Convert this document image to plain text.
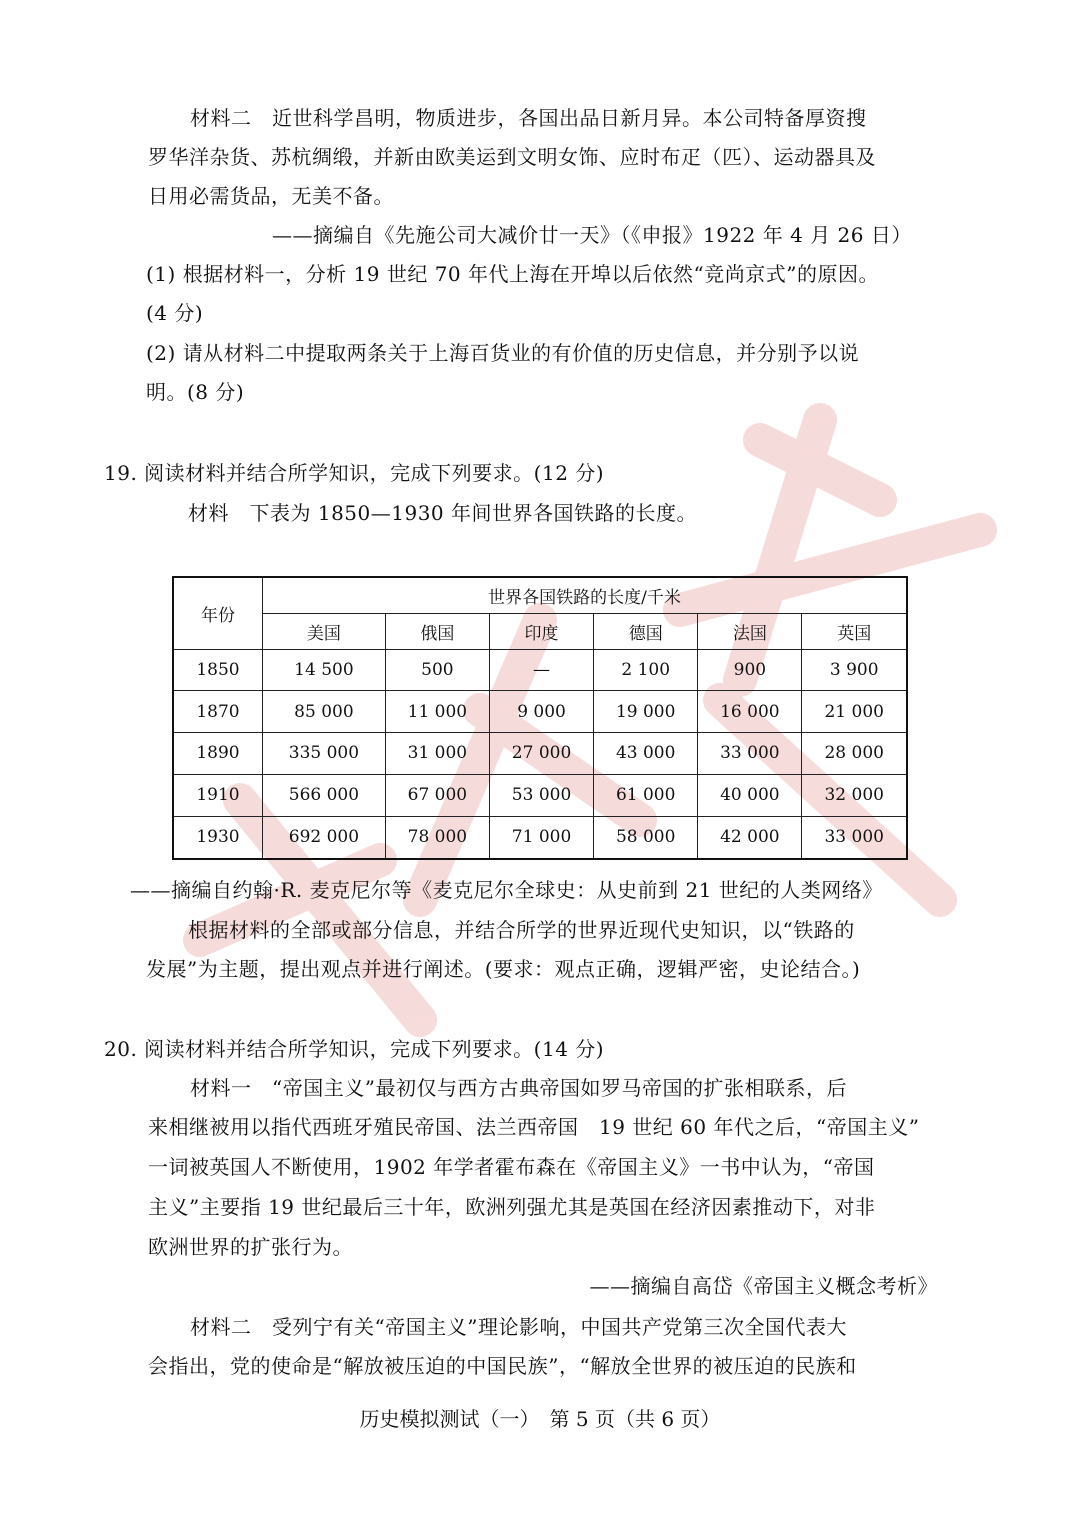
材料二　近世科学昌明，物质进步，各国出品日新月异。本公司特备厚资搜
罗华洋杂货、苏杭绸缎，并新由欧美运到文明女饰、应时布疋（匹）、运动器具及
日用必需货品，无美不备。
——摘编自《先施公司大减价廿一天》（《申报》1922 年 4 月 26 日）
(1) 根据材料一，分析 19 世纪 70 年代上海在开埠以后依然“竞尚京式”的原因。
(4 分)
(2) 请从材料二中提取两条关于上海百货业的有价值的历史信息，并分别予以说
明。(8 分)
19. 阅读材料并结合所学知识，完成下列要求。(12 分)
材料　下表为 1850—1930 年间世界各国铁路的长度。
年份	世界各国铁路的长度/千米					
	美国	俄国	印度	德国	法国	英国
1850	14 500	500	—	2 100	900	3 900
1870	85 000	11 000	9 000	19 000	16 000	21 000
1890	335 000	31 000	27 000	43 000	33 000	28 000
1910	566 000	67 000	53 000	61 000	40 000	32 000
1930	692 000	78 000	71 000	58 000	42 000	33 000
——摘编自约翰·R. 麦克尼尔等《麦克尼尔全球史：从史前到 21 世纪的人类网络》
根据材料的全部或部分信息，并结合所学的世界近现代史知识，以“铁路的
发展”为主题，提出观点并进行阐述。(要求：观点正确，逻辑严密，史论结合。)
20. 阅读材料并结合所学知识，完成下列要求。(14 分)
材料一　“帝国主义”最初仅与西方古典帝国如罗马帝国的扩张相联系，后
来相继被用以指代西班牙殖民帝国、法兰西帝国　19 世纪 60 年代之后，“帝国主义”
一词被英国人不断使用，1902 年学者霍布森在《帝国主义》一书中认为，“帝国
主义”主要指 19 世纪最后三十年，欧洲列强尤其是英国在经济因素推动下，对非
欧洲世界的扩张行为。
——摘编自高岱《帝国主义概念考析》
材料二　受列宁有关“帝国主义”理论影响，中国共产党第三次全国代表大
会指出，党的使命是“解放被压迫的中国民族”，“解放全世界的被压迫的民族和
历史模拟测试（一）　第 5 页（共 6 页）
